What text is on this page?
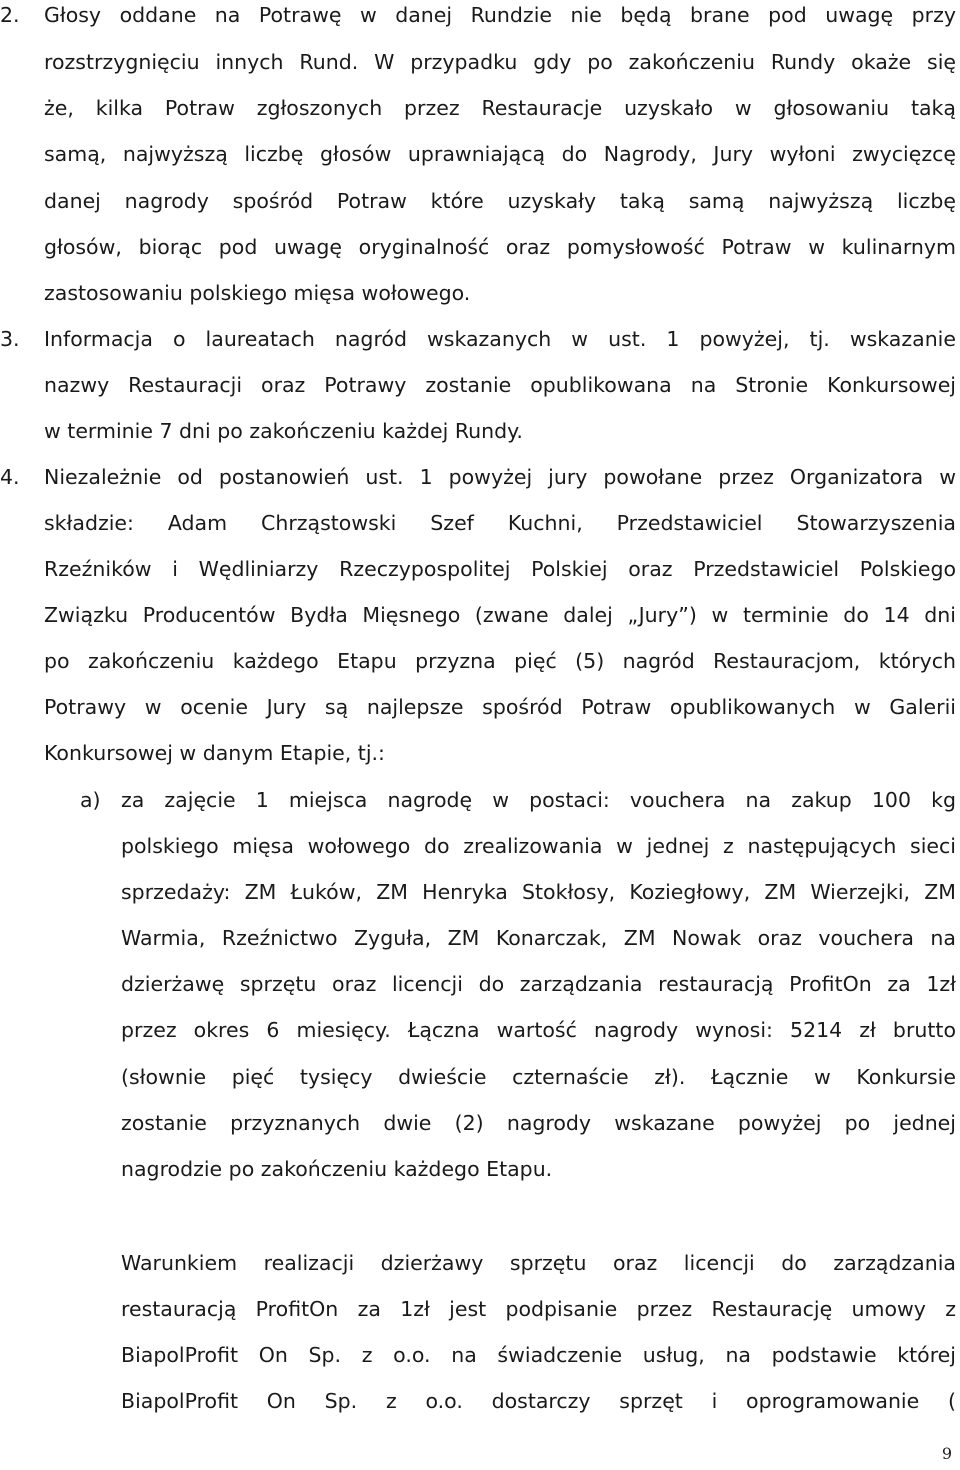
2. Głosy oddane na Potrawę w danej Rundzie nie będą brane pod uwagę przy
rozstrzygnięciu innych Rund. W przypadku gdy po zakończeniu Rundy okaże się
że, kilka Potraw zgłoszonych przez Restauracje uzyskało w głosowaniu taką
samą, najwyższą liczbę głosów uprawniającą do Nagrody, Jury wyłoni zwycięzcę
danej nagrody spośród Potraw które uzyskały taką samą najwyższą liczbę
głosów, biorąc pod uwagę oryginalność oraz pomysłowość Potraw w kulinarnym
zastosowaniu polskiego mięsa wołowego.
3. Informacja o laureatach nagród wskazanych w ust. 1 powyżej, tj. wskazanie
nazwy Restauracji oraz Potrawy zostanie opublikowana na Stronie Konkursowej
w terminie 7 dni po zakończeniu każdej Rundy.
4. Niezależnie od postanowień ust. 1 powyżej jury powołane przez Organizatora w
składzie: Adam Chrząstowski Szef Kuchni, Przedstawiciel Stowarzyszenia
Rzeźników i Wędliniarzy Rzeczypospolitej Polskiej oraz Przedstawiciel Polskiego
Związku Producentów Bydła Mięsnego (zwane dalej „Jury”) w terminie do 14 dni
po zakończeniu każdego Etapu przyzna pięć (5) nagród Restauracjom, których
Potrawy w ocenie Jury są najlepsze spośród Potraw opublikowanych w Galerii
Konkursowej w danym Etapie, tj.:
a) za zajęcie 1 miejsca nagrodę w postaci: vouchera na zakup 100 kg
polskiego mięsa wołowego do zrealizowania w jednej z następujących sieci
sprzedaży: ZM Łuków, ZM Henryka Stokłosy, Koziegłowy, ZM Wierzejki, ZM
Warmia, Rzeźnictwo Zyguła, ZM Konarczak, ZM Nowak oraz vouchera na
dzierżawę sprzętu oraz licencji do zarządzania restauracją ProfitOn za 1zł
przez okres 6 miesięcy. Łączna wartość nagrody wynosi: 5214 zł brutto
(słownie pięć tysięcy dwieście czternaście zł). Łącznie w Konkursie
zostanie przyznanych dwie (2) nagrody wskazane powyżej po jednej
nagrodzie po zakończeniu każdego Etapu.
Warunkiem realizacji dzierżawy sprzętu oraz licencji do zarządzania
restauracją ProfitOn za 1zł jest podpisanie przez Restaurację umowy z
BiapolProfit On Sp. z o.o. na świadczenie usług, na podstawie której
BiapolProfit On Sp. z o.o. dostarczy sprzęt i oprogramowanie (
9
